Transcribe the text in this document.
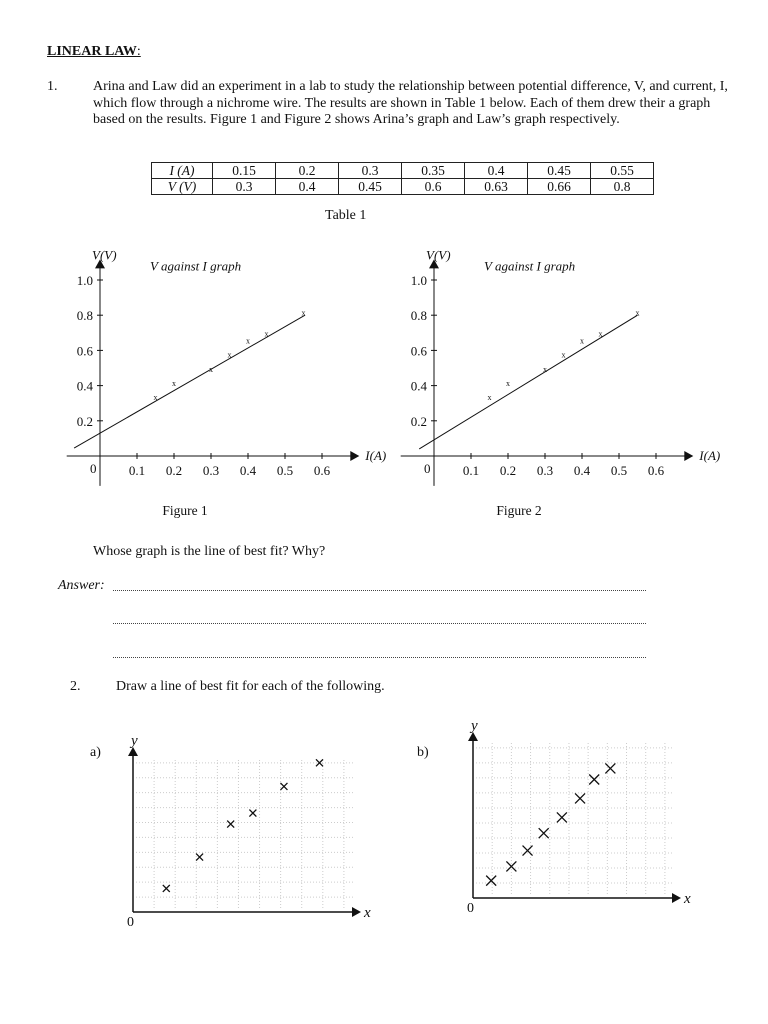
LINEAR LAW:
1.	Arina and Law did an experiment in a lab to study the relationship between potential difference, V, and current, I, which flow through a nichrome wire. The results are shown in Table 1 below. Each of them drew their a graph based on the results. Figure 1 and Figure 2 shows Arina’s graph and Law’s graph respectively.
I (A)	0.15	0.2	0.3	0.35	0.4	0.45	0.55
V (V)	0.3	0.4	0.45	0.6	0.63	0.66	0.8
Table 1
Whose graph is the line of best fit? Why?
Answer:
2.	Draw a line of best fit for each of the following.
a)	b)
0.1 0.2 0.3 0.4 0.5 0.6
0.2
0.4
0.6
0.8
1.0
0
I(A)
V(V)
V against I graph
x
x
x
x
x
x
x
Figure 1
0.1 0.2 0.3 0.4 0.5 0.6
0.2
0.4
0.6
0.8
1.0
0
I(A)
V(V)
V against I graph
x
x
x
x
x
x
x
Figure 2
0
x
y
0
x
y
